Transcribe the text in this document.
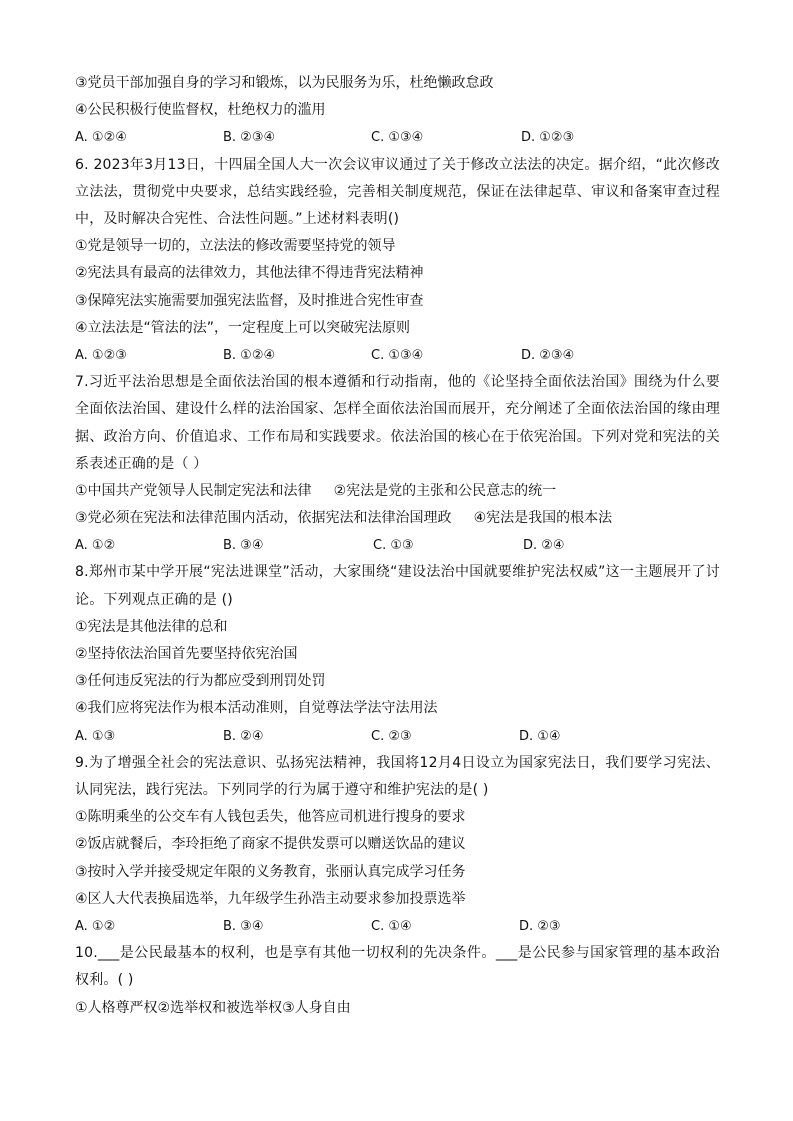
③党员干部加强自身的学习和锻炼，以为民服务为乐，杜绝懒政怠政
④公民积极行使监督权，杜绝权力的滥用
A. ①②④	B. ②③④	C. ①③④	D. ①②③
6. 2023年3月13日，十四届全国人大一次会议审议通过了关于修改立法法的决定。据介绍，“此次修改立法法，贯彻党中央要求，总结实践经验，完善相关制度规范，保证在法律起草、审议和备案审查过程中，及时解决合宪性、合法性问题。”上述材料表明()
①党是领导一切的，立法法的修改需要坚持党的领导
②宪法具有最高的法律效力，其他法律不得违背宪法精神
③保障宪法实施需要加强宪法监督，及时推进合宪性审查
④立法法是“管法的法”，一定程度上可以突破宪法原则
A. ①②③	B. ①②④	C. ①③④	D. ②③④
7.习近平法治思想是全面依法治国的根本遵循和行动指南，他的《论坚持全面依法治国》围绕为什么要全面依法治国、建设什么样的法治国家、怎样全面依法治国而展开，充分阐述了全面依法治国的缘由理据、政治方向、价值追求、工作布局和实践要求。依法治国的核心在于依宪治国。下列对党和宪法的关系表述正确的是（ ）
①中国共产党领导人民制定宪法和法律 ②宪法是党的主张和公民意志的统一
③党必须在宪法和法律范围内活动，依据宪法和法律治国理政 ④宪法是我国的根本法
A. ①②	B. ③④	C. ①③	D. ②④
8.郑州市某中学开展“宪法进课堂”活动，大家围绕“建设法治中国就要维护宪法权威”这一主题展开了讨论。下列观点正确的是 ()
①宪法是其他法律的总和
②坚持依法治国首先要坚持依宪治国
③任何违反宪法的行为都应受到刑罚处罚
④我们应将宪法作为根本活动准则，自觉尊法学法守法用法
A. ①③	B. ②④	C. ②③	D. ①④
9.为了增强全社会的宪法意识、弘扬宪法精神，我国将12月4日设立为国家宪法日，我们要学习宪法、认同宪法，践行宪法。下列同学的行为属于遵守和维护宪法的是( )
①陈明乘坐的公交车有人钱包丢失，他答应司机进行搜身的要求
②饭店就餐后，李玲拒绝了商家不提供发票可以赠送饮品的建议
③按时入学并接受规定年限的义务教育，张丽认真完成学习任务
④区人大代表换届选举，九年级学生孙浩主动要求参加投票选举
A. ①②	B. ③④	C. ①④	D. ②③
10.___是公民最基本的权利，也是享有其他一切权利的先决条件。___是公民参与国家管理的基本政治权利。( )
①人格尊严权②选举权和被选举权③人身自由
